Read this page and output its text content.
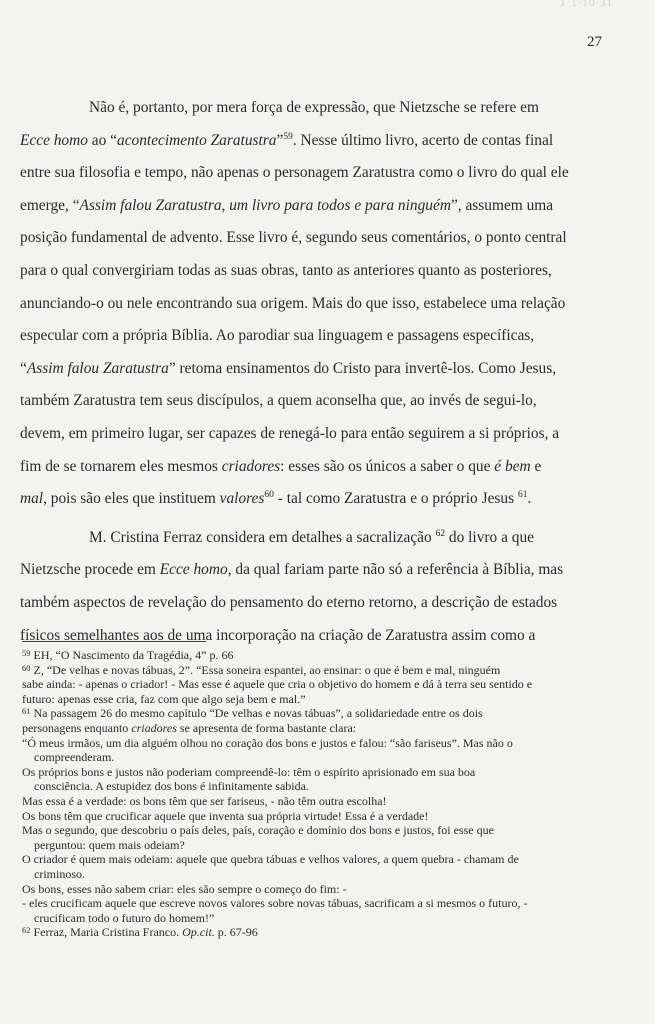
1·1·10·31
27

Não é, portanto, por mera força de expressão, que Nietzsche se refere em
Ecce homo ao “acontecimento Zaratustra”$^{59}$. Nesse último livro, acerto de contas final
entre sua filosofia e tempo, não apenas o personagem Zaratustra como o livro do qual ele
emerge, “Assim falou Zaratustra, um livro para todos e para ninguém”, assumem uma
posição fundamental de advento. Esse livro é, segundo seus comentários, o ponto central
para o qual convergiriam todas as suas obras, tanto as anteriores quanto as posteriores,
anunciando-o ou nele encontrando sua origem. Mais do que isso, estabelece uma relação
especular com a própria Bíblia. Ao parodiar sua linguagem e passagens específicas,
“Assim falou Zaratustra” retoma ensinamentos do Cristo para invertê-los. Como Jesus,
também Zaratustra tem seus discípulos, a quem aconselha que, ao invés de segui-lo,
devem, em primeiro lugar, ser capazes de renegá-lo para então seguirem a si próprios, a
fim de se tornarem eles mesmos criadores: esses são os únicos a saber o que é bem e
mal, pois são eles que instituem valores$^{60}$ - tal como Zaratustra e o próprio Jesus $^{61}$.

M. Cristina Ferraz considera em detalhes a sacralização $^{62}$ do livro a que
Nietzsche procede em Ecce homo, da qual fariam parte não só a referência à Bíblia, mas
também aspectos de revelação do pensamento do eterno retorno, a descrição de estados
físicos semelhantes aos de uma incorporação na criação de Zaratustra assim como a

$^{59}$ EH, “O Nascimento da Tragédia, 4” p. 66
$^{60}$ Z, “De velhas e novas tábuas, 2”. “Essa soneira espantei, ao ensinar: o que é bem e mal, ninguém
sabe ainda: - apenas o criador! - Mas esse é aquele que cria o objetivo do homem e dá à terra seu sentido e
futuro: apenas esse cria, faz com que algo seja bem e mal.”
$^{61}$ Na passagem 26 do mesmo capítulo “De velhas e novas tábuas”, a solidariedade entre os dois
personagens enquanto criadores se apresenta de forma bastante clara:
“Ó meus irmãos, um dia alguém olhou no coração dos bons e justos e falou: “são fariseus”. Mas não o
compreenderam.
Os próprios bons e justos não poderiam compreendê-lo: têm o espírito aprisionado em sua boa
consciência. A estupidez dos bons é infinitamente sabida.
Mas essa é a verdade: os bons têm que ser fariseus, - não têm outra escolha!
Os bons têm que crucificar aquele que inventa sua própria virtude! Essa é a verdade!
Mas o segundo, que descobriu o país deles, país, coração e domínio dos bons e justos, foi esse que
perguntou: quem mais odeiam?
O criador é quem mais odeiam: aquele que quebra tábuas e velhos valores, a quem quebra - chamam de
criminoso.
Os bons, esses não sabem criar: eles são sempre o começo do fim: -
- eles crucificam aquele que escreve novos valores sobre novas tábuas, sacrificam a si mesmos o futuro, -
crucificam todo o futuro do homem!”
$^{62}$ Ferraz, Maria Cristina Franco. Op.cit. p. 67-96
